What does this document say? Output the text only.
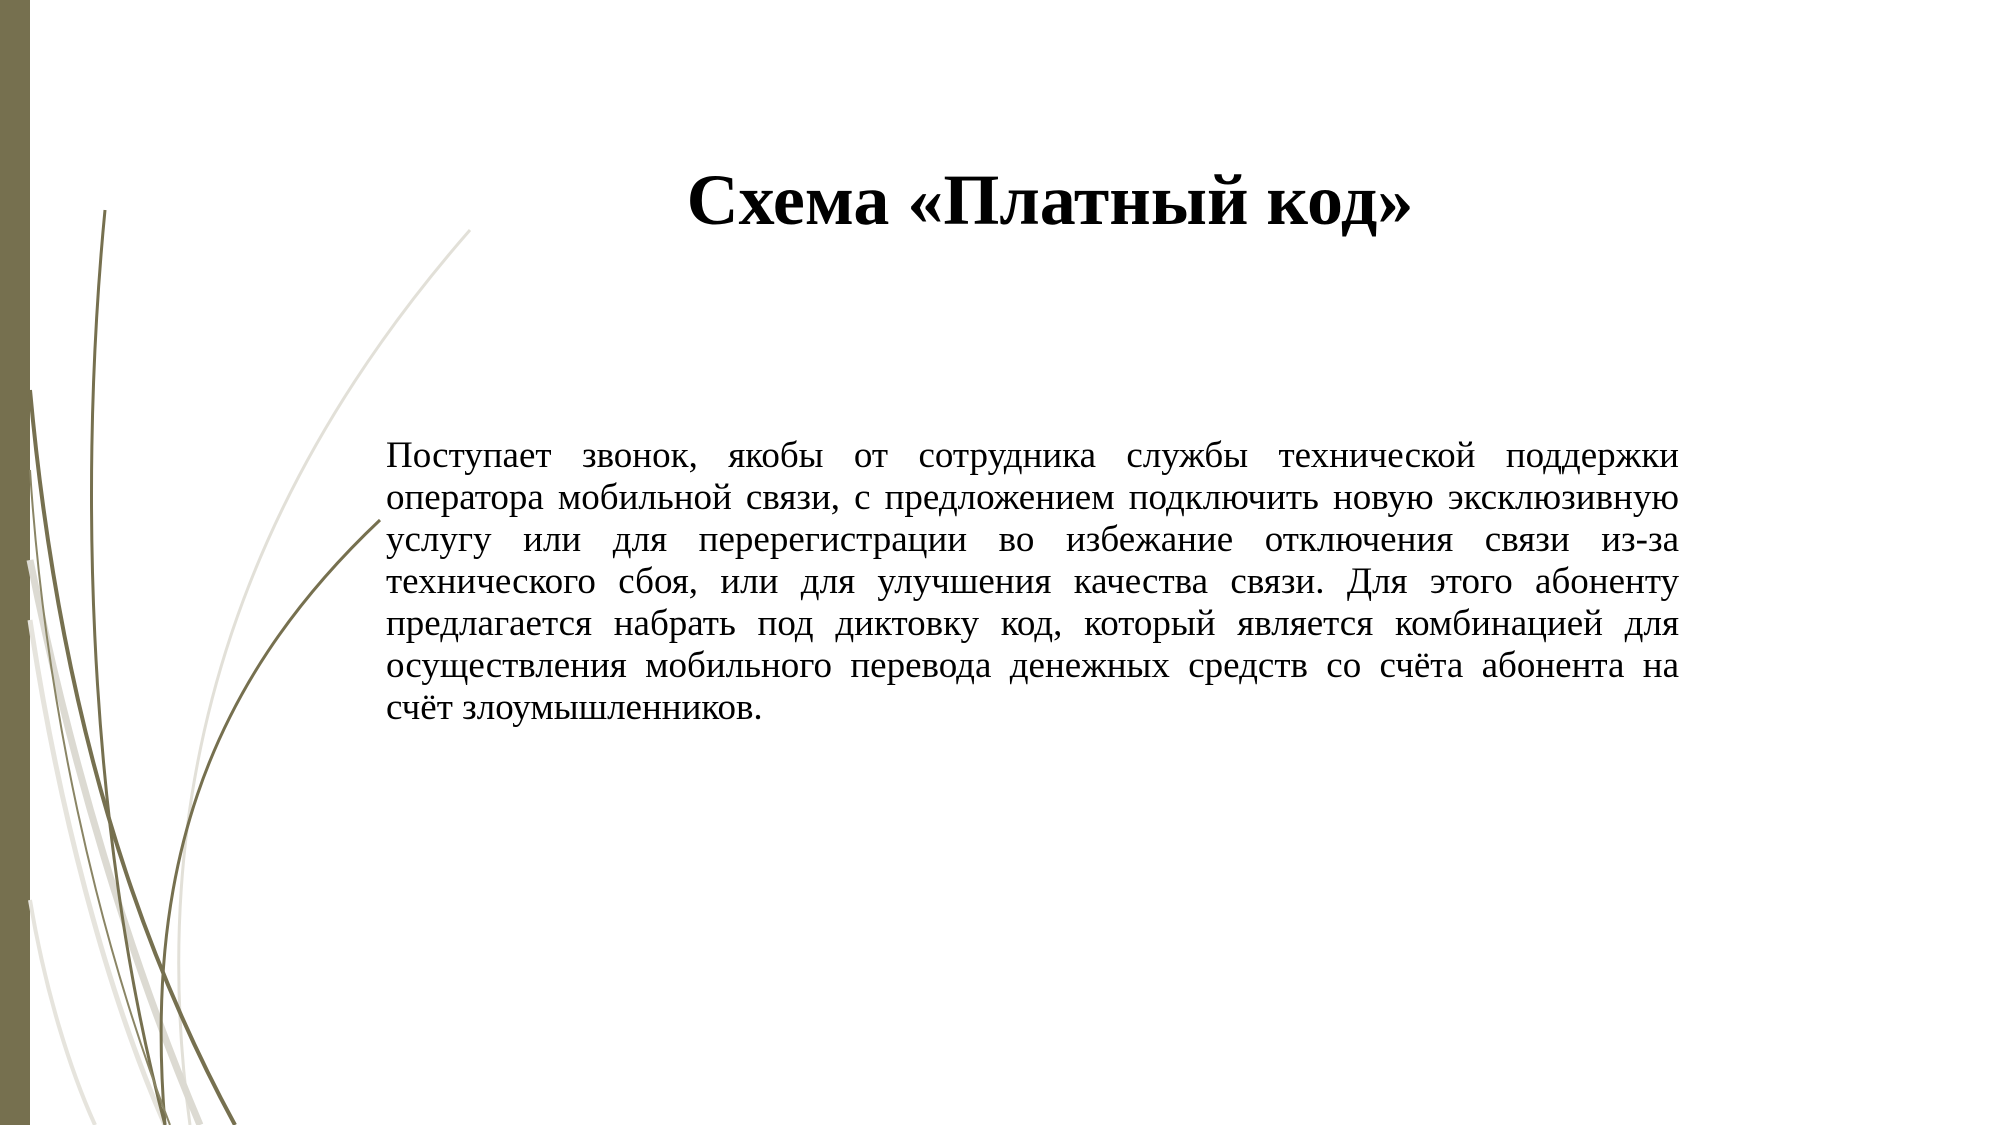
Схема «Платный код»

Поступает звонок, якобы от сотрудника службы технической поддержки оператора мобильной связи, с предложением подключить новую эксклюзивную услугу или для перерегистрации во избежание отключения связи из-за технического сбоя, или для улучшения качества связи. Для этого абоненту предлагается набрать под диктовку код, который является комбинацией для осуществления мобильного перевода денежных средств со счёта абонента на счёт злоумышленников.
